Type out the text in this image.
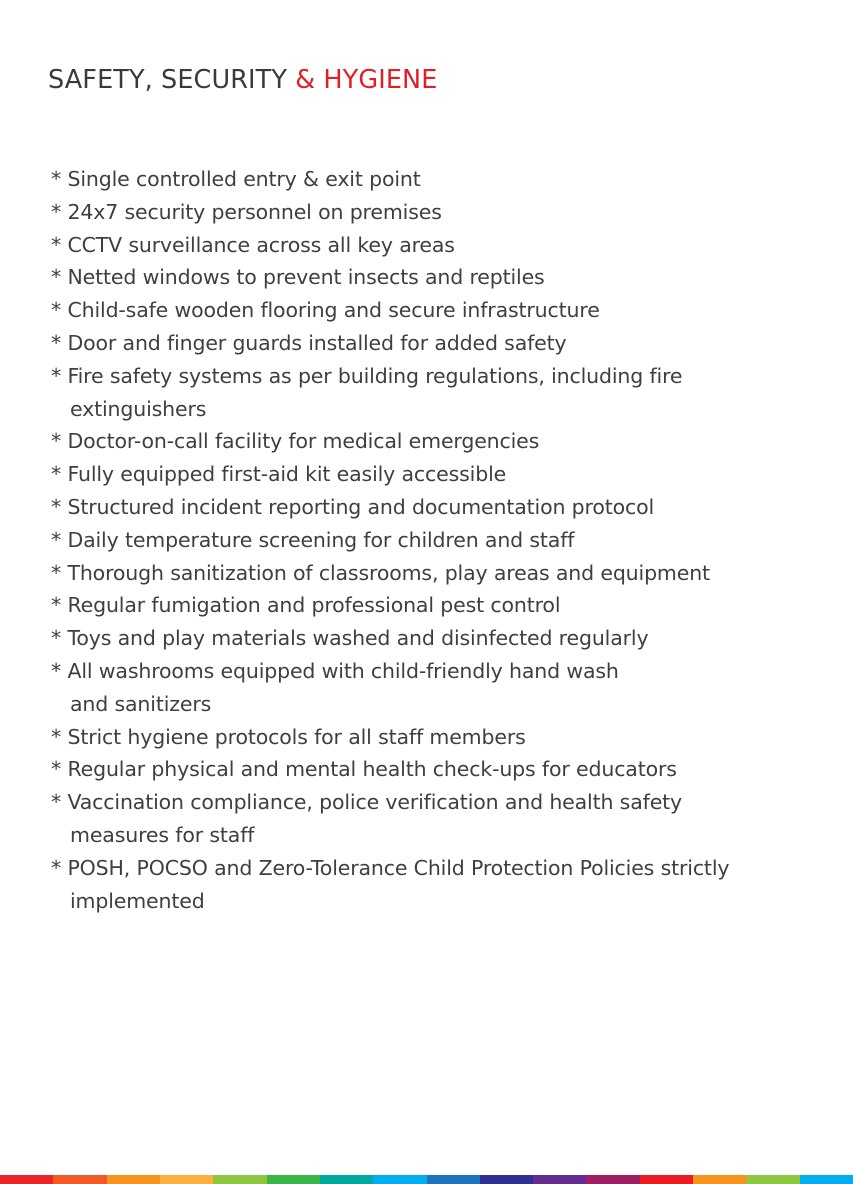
SAFETY, SECURITY & HYGIENE
* Single controlled entry & exit point
* 24x7 security personnel on premises
* CCTV surveillance across all key areas
* Netted windows to prevent insects and reptiles
* Child-safe wooden flooring and secure infrastructure
* Door and finger guards installed for added safety
* Fire safety systems as per building regulations, including fire
extinguishers
* Doctor-on-call facility for medical emergencies
* Fully equipped first-aid kit easily accessible
* Structured incident reporting and documentation protocol
* Daily temperature screening for children and staff
* Thorough sanitization of classrooms, play areas and equipment
* Regular fumigation and professional pest control
* Toys and play materials washed and disinfected regularly
* All washrooms equipped with child-friendly hand wash
and sanitizers
* Strict hygiene protocols for all staff members
* Regular physical and mental health check-ups for educators
* Vaccination compliance, police verification and health safety
measures for staff
* POSH, POCSO and Zero-Tolerance Child Protection Policies strictly
implemented
